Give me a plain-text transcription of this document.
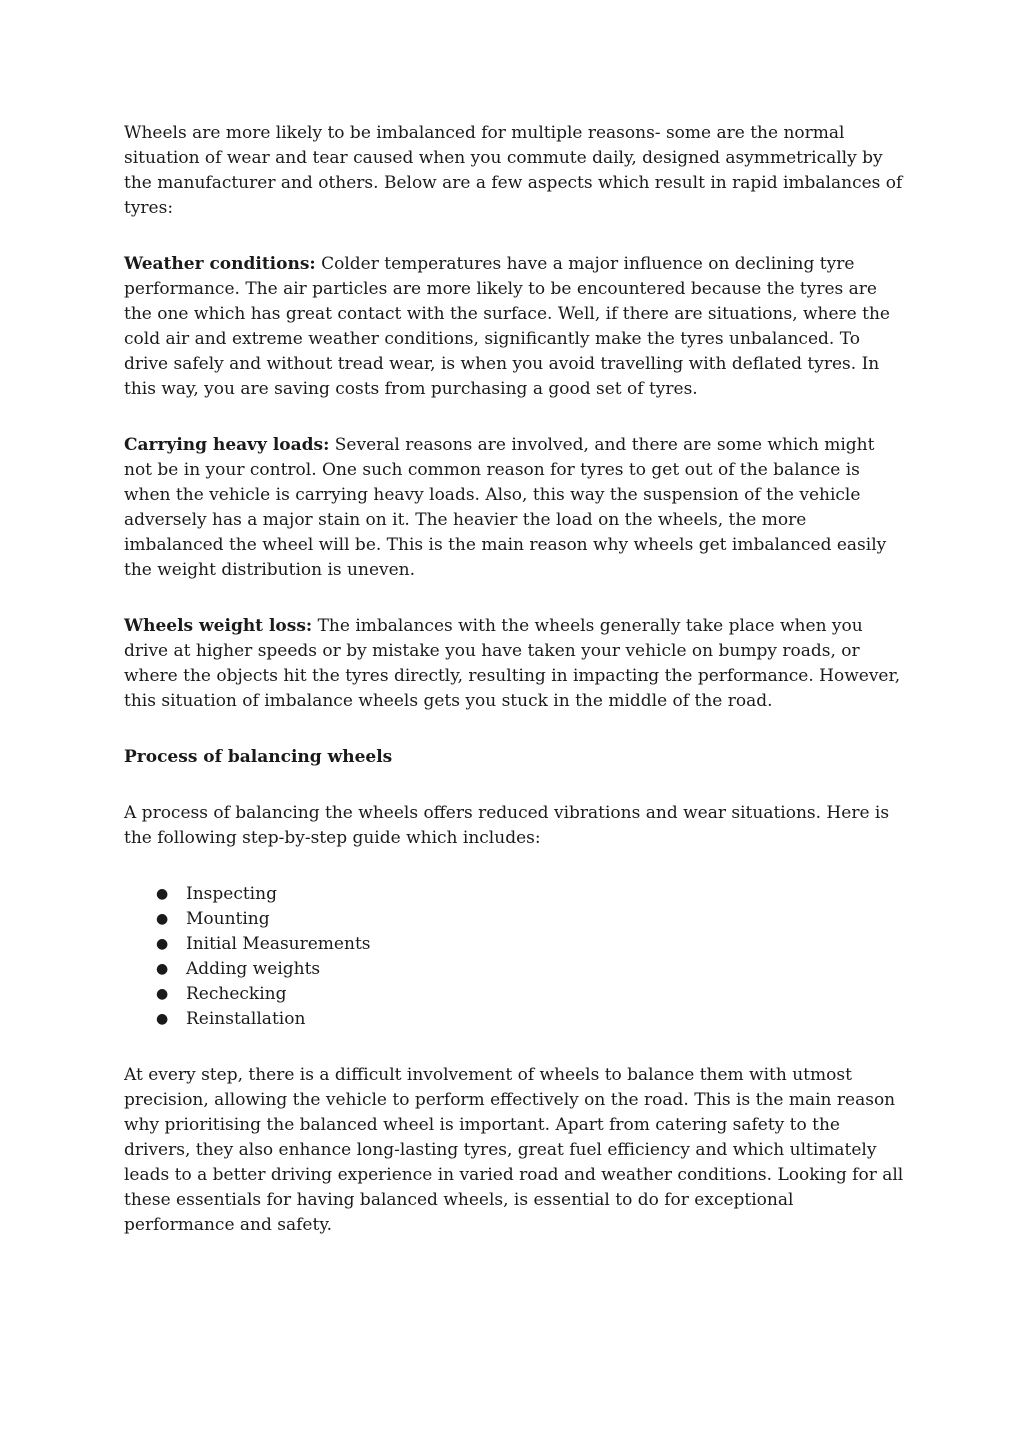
Wheels are more likely to be imbalanced for multiple reasons- some are the normal situation of wear and tear caused when you commute daily, designed asymmetrically by the manufacturer and others. Below are a few aspects which result in rapid imbalances of tyres:

Weather conditions: Colder temperatures have a major influence on declining tyre performance. The air particles are more likely to be encountered because the tyres are the one which has great contact with the surface. Well, if there are situations, where the cold air and extreme weather conditions, significantly make the tyres unbalanced. To drive safely and without tread wear, is when you avoid travelling with deflated tyres. In this way, you are saving costs from purchasing a good set of tyres.

Carrying heavy loads: Several reasons are involved, and there are some which might not be in your control. One such common reason for tyres to get out of the balance is when the vehicle is carrying heavy loads. Also, this way the suspension of the vehicle adversely has a major stain on it. The heavier the load on the wheels, the more imbalanced the wheel will be. This is the main reason why wheels get imbalanced easily the weight distribution is uneven.

Wheels weight loss: The imbalances with the wheels generally take place when you drive at higher speeds or by mistake you have taken your vehicle on bumpy roads, or where the objects hit the tyres directly, resulting in impacting the performance. However, this situation of imbalance wheels gets you stuck in the middle of the road.

Process of balancing wheels

A process of balancing the wheels offers reduced vibrations and wear situations. Here is the following step-by-step guide which includes:

● Inspecting
● Mounting
● Initial Measurements
● Adding weights
● Rechecking
● Reinstallation

At every step, there is a difficult involvement of wheels to balance them with utmost precision, allowing the vehicle to perform effectively on the road. This is the main reason why prioritising the balanced wheel is important. Apart from catering safety to the drivers, they also enhance long-lasting tyres, great fuel efficiency and which ultimately leads to a better driving experience in varied road and weather conditions. Looking for all these essentials for having balanced wheels, is essential to do for exceptional performance and safety.
